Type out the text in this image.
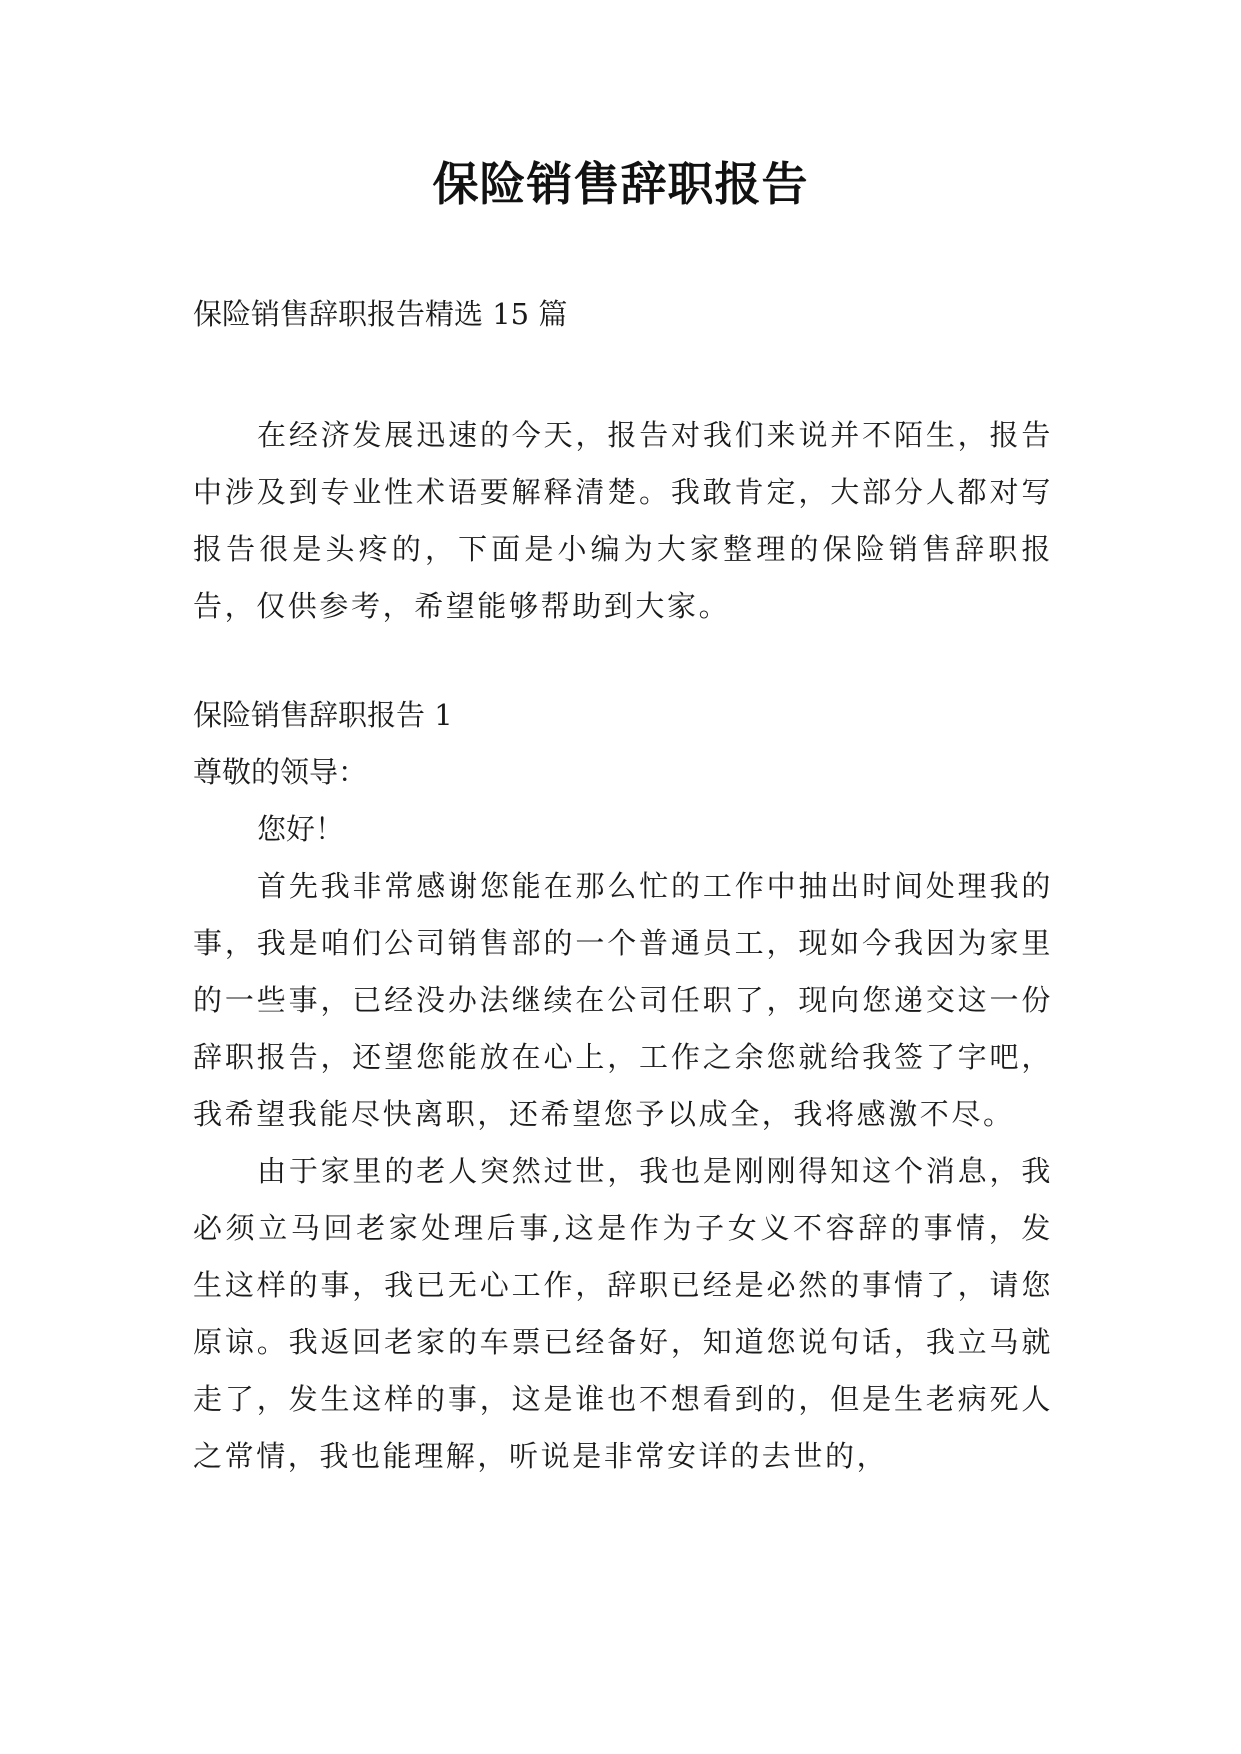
保险销售辞职报告
保险销售辞职报告精选 15 篇

在经济发展迅速的今天，报告对我们来说并不陌生，报告中涉及到专业性术语要解释清楚。我敢肯定，大部分人都对写报告很是头疼的，下面是小编为大家整理的保险销售辞职报告，仅供参考，希望能够帮助到大家。

保险销售辞职报告 1
尊敬的领导：
您好！

首先我非常感谢您能在那么忙的工作中抽出时间处理我的事，我是咱们公司销售部的一个普通员工，现如今我因为家里的一些事，已经没办法继续在公司任职了，现向您递交这一份辞职报告，还望您能放在心上，工作之余您就给我签了字吧，我希望我能尽快离职，还希望您予以成全，我将感激不尽。

由于家里的老人突然过世，我也是刚刚得知这个消息，我必须立马回老家处理后事,这是作为子女义不容辞的事情，发生这样的事，我已无心工作，辞职已经是必然的事情了，请您原谅。我返回老家的车票已经备好，知道您说句话，我立马就走了，发生这样的事，这是谁也不想看到的，但是生老病死人之常情，我也能理解，听说是非常安详的去世的，
